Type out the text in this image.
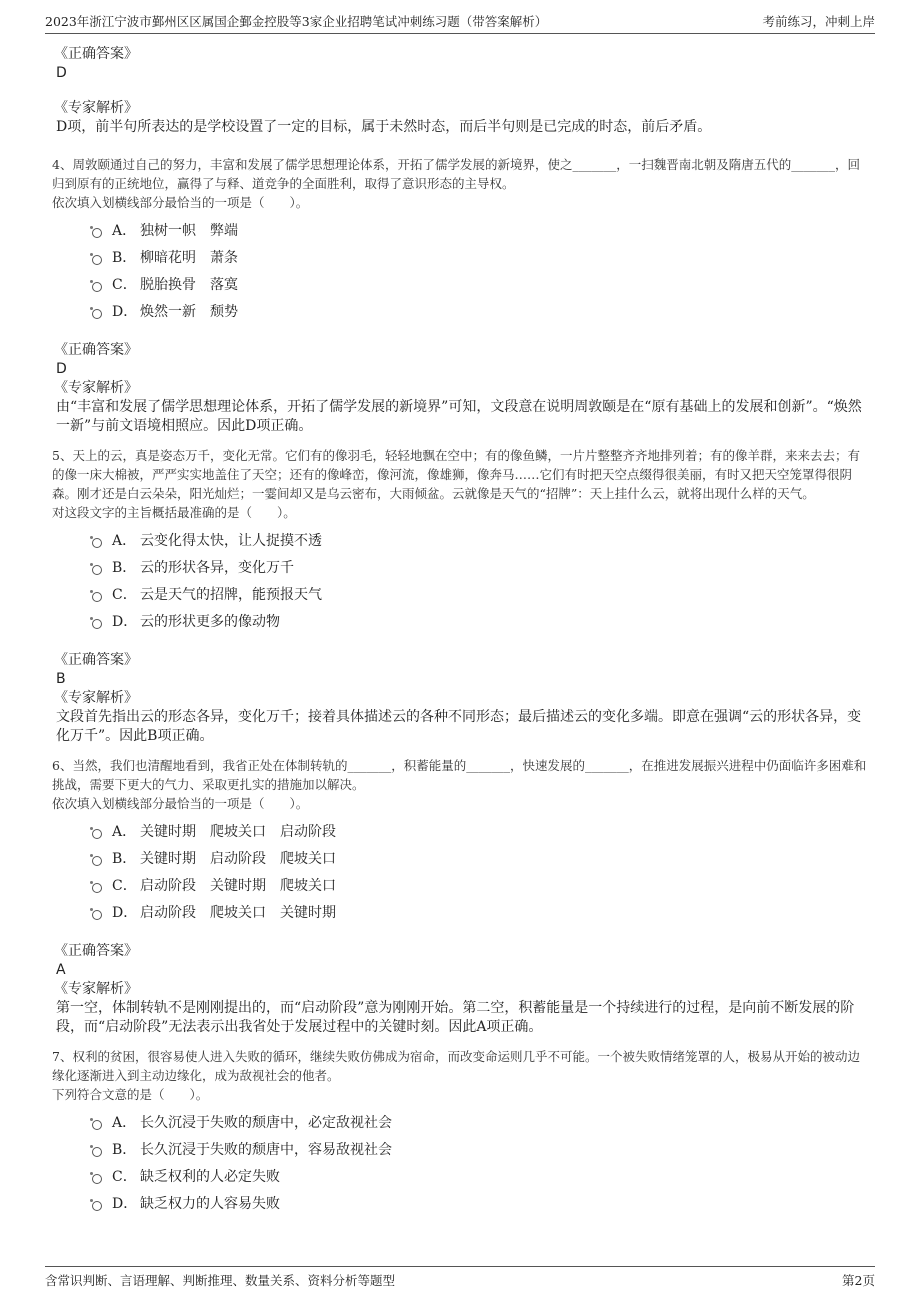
2023年浙江宁波市鄞州区区属国企鄞金控股等3家企业招聘笔试冲刺练习题（带答案解析）	考前练习，冲刺上岸
《正确答案》
D
《专家解析》
D项，前半句所表达的是学校设置了一定的目标，属于未然时态，而后半句则是已完成的时态，前后矛盾。
4、周敦颐通过自己的努力，丰富和发展了儒学思想理论体系，开拓了儒学发展的新境界，使之_______，一扫魏晋南北朝及隋唐五代的_______，回归到原有的正统地位，赢得了与释、道竞争的全面胜利，取得了意识形态的主导权。
依次填入划横线部分最恰当的一项是（　　）。
A． 独树一帜　弊端
B． 柳暗花明　萧条
C． 脱胎换骨　落寞
D． 焕然一新　颓势
《正确答案》
D
《专家解析》
由“丰富和发展了儒学思想理论体系，开拓了儒学发展的新境界”可知，文段意在说明周敦颐是在“原有基础上的发展和创新”。“焕然一新”与前文语境相照应。因此D项正确。
5、天上的云，真是姿态万千，变化无常。它们有的像羽毛，轻轻地飘在空中；有的像鱼鳞，一片片整整齐齐地排列着；有的像羊群，来来去去；有的像一床大棉被，严严实实地盖住了天空；还有的像峰峦，像河流，像雄狮，像奔马……它们有时把天空点缀得很美丽，有时又把天空笼罩得很阴森。刚才还是白云朵朵，阳光灿烂；一霎间却又是乌云密布，大雨倾盆。云就像是天气的“招牌”：天上挂什么云，就将出现什么样的天气。
对这段文字的主旨概括最准确的是（　　）。
A． 云变化得太快，让人捉摸不透
B． 云的形状各异，变化万千
C． 云是天气的招牌，能预报天气
D． 云的形状更多的像动物
《正确答案》
B
《专家解析》
文段首先指出云的形态各异，变化万千；接着具体描述云的各种不同形态；最后描述云的变化多端。即意在强调“云的形状各异，变化万千”。因此B项正确。
6、当然，我们也清醒地看到，我省正处在体制转轨的_______，积蓄能量的_______，快速发展的_______，在推进发展振兴进程中仍面临许多困难和挑战，需要下更大的气力、采取更扎实的措施加以解决。
依次填入划横线部分最恰当的一项是（　　）。
A． 关键时期　爬坡关口　启动阶段
B． 关键时期　启动阶段　爬坡关口
C． 启动阶段　关键时期　爬坡关口
D． 启动阶段　爬坡关口　关键时期
《正确答案》
A
《专家解析》
第一空，体制转轨不是刚刚提出的，而“启动阶段”意为刚刚开始。第二空，积蓄能量是一个持续进行的过程，是向前不断发展的阶段，而“启动阶段”无法表示出我省处于发展过程中的关键时刻。因此A项正确。
7、权利的贫困，很容易使人进入失败的循环，继续失败仿佛成为宿命，而改变命运则几乎不可能。一个被失败情绪笼罩的人，极易从开始的被动边缘化逐渐进入到主动边缘化，成为敌视社会的他者。
下列符合文意的是（　　）。
A． 长久沉浸于失败的颓唐中，必定敌视社会
B． 长久沉浸于失败的颓唐中，容易敌视社会
C． 缺乏权利的人必定失败
D． 缺乏权力的人容易失败
含常识判断、言语理解、判断推理、数量关系、资料分析等题型	第2页
